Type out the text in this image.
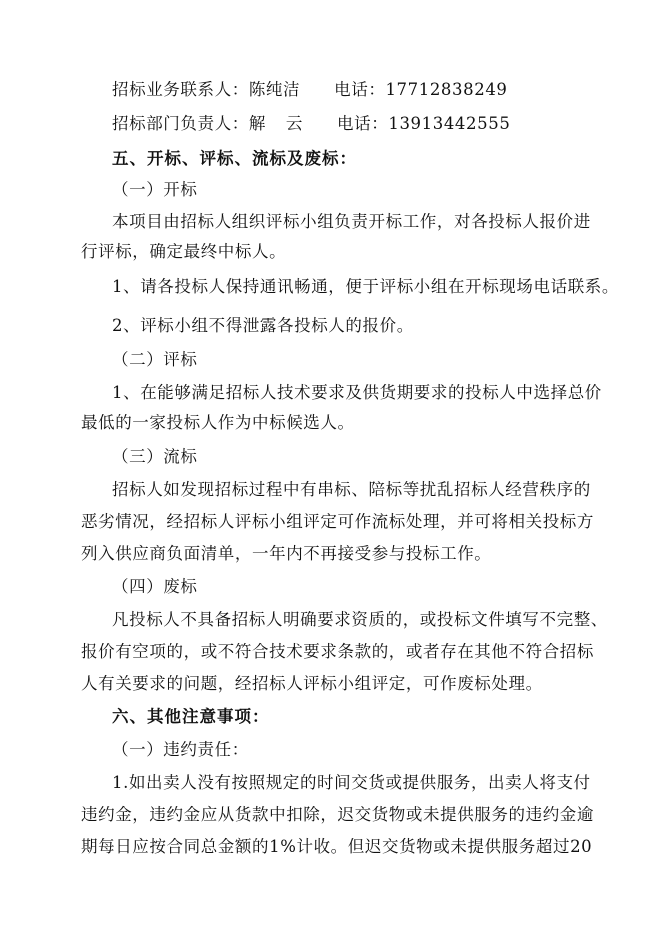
招标业务联系人：陈纯洁 电话：17712838249
招标部门负责人：解 云 电话：13913442555
五、开标、评标、流标及废标：
（一）开标
本项目由招标人组织评标小组负责开标工作，对各投标人报价进
行评标，确定最终中标人。
1、请各投标人保持通讯畅通，便于评标小组在开标现场电话联系。
2、评标小组不得泄露各投标人的报价。
（二）评标
1、在能够满足招标人技术要求及供货期要求的投标人中选择总价
最低的一家投标人作为中标候选人。
（三）流标
招标人如发现招标过程中有串标、陪标等扰乱招标人经营秩序的
恶劣情况，经招标人评标小组评定可作流标处理，并可将相关投标方
列入供应商负面清单，一年内不再接受参与投标工作。
（四）废标
凡投标人不具备招标人明确要求资质的，或投标文件填写不完整、
报价有空项的，或不符合技术要求条款的，或者存在其他不符合招标
人有关要求的问题，经招标人评标小组评定，可作废标处理。
六、其他注意事项：
（一）违约责任：
1.如出卖人没有按照规定的时间交货或提供服务，出卖人将支付
违约金，违约金应从货款中扣除，迟交货物或未提供服务的违约金逾
期每日应按合同总金额的1%计收。但迟交货物或未提供服务超过20
